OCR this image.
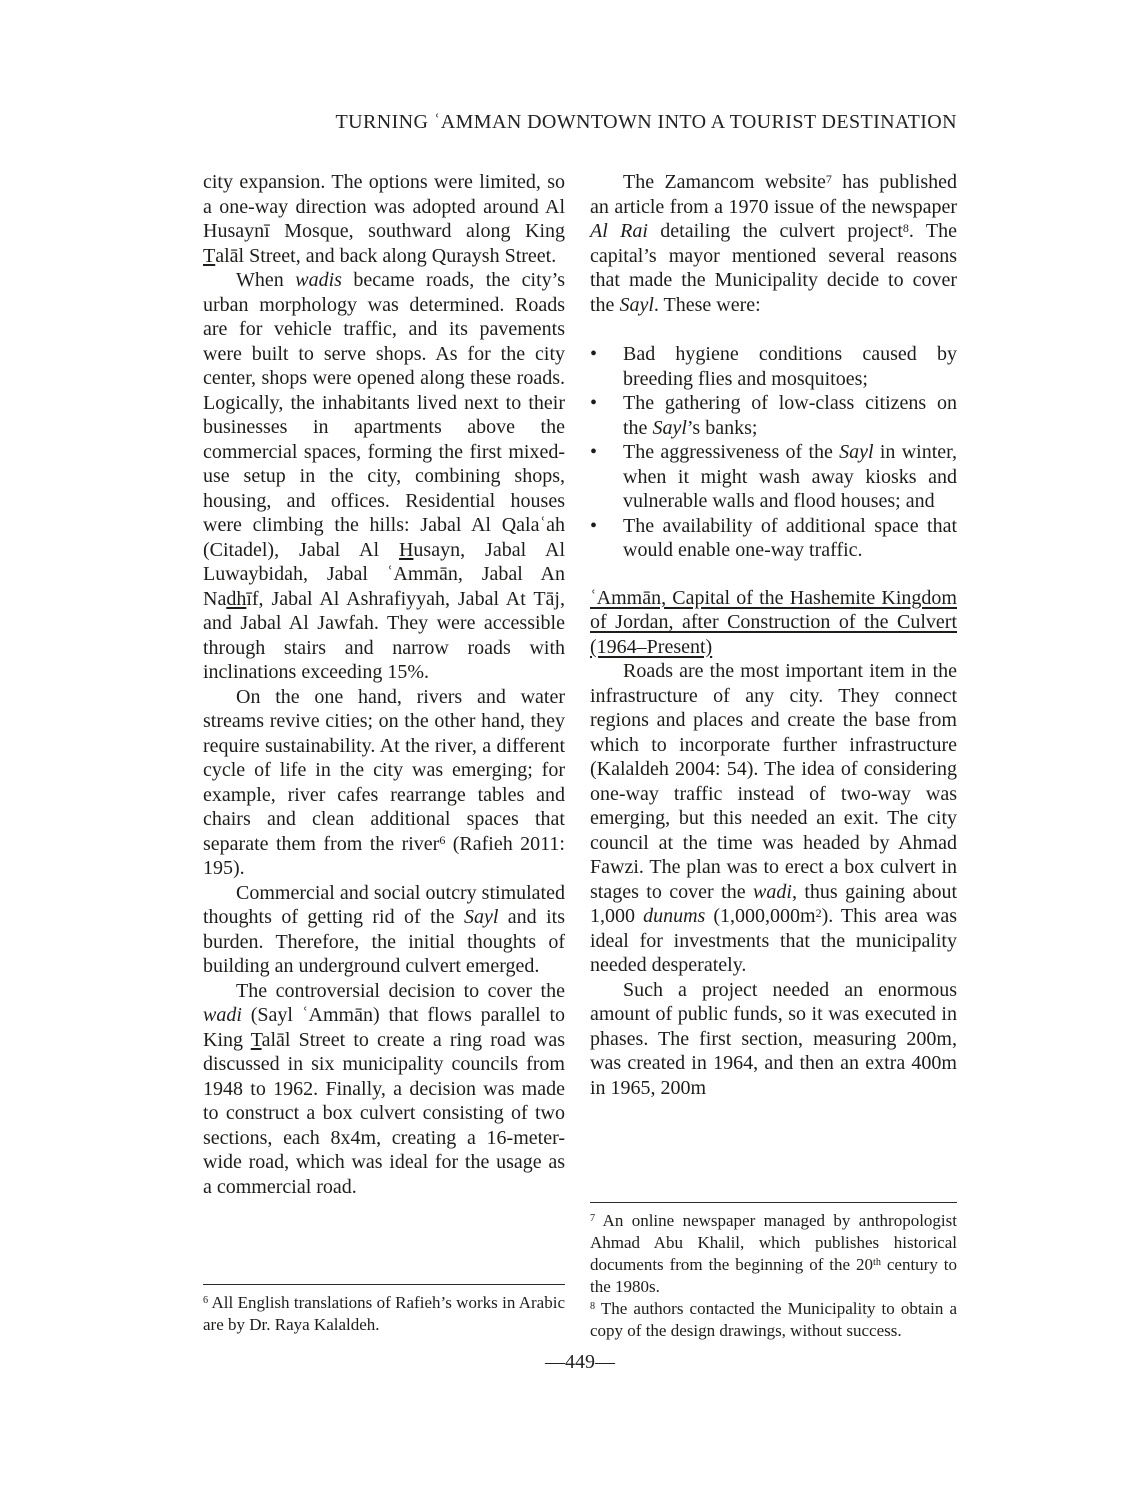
TURNING ʿAMMAN DOWNTOWN INTO A TOURIST DESTINATION

city expansion. The options were limited, so a one-way direction was adopted around Al Husaynī Mosque, southward along King Talāl Street, and back along Quraysh Street.

When wadis became roads, the city’s urban morphology was determined. Roads are for vehicle traffic, and its pavements were built to serve shops. As for the city center, shops were opened along these roads. Logically, the inhabitants lived next to their businesses in apartments above the commercial spaces, forming the first mixed-use setup in the city, combining shops, housing, and offices. Residential houses were climbing the hills: Jabal Al Qalaʿah (Citadel), Jabal Al Husayn, Jabal Al Luwaybidah, Jabal ʿAmmān, Jabal An Nadhīf, Jabal Al Ashrafiyyah, Jabal At Tāj, and Jabal Al Jawfah. They were accessible through stairs and narrow roads with inclinations exceeding 15%.

On the one hand, rivers and water streams revive cities; on the other hand, they require sustainability. At the river, a different cycle of life in the city was emerging; for example, river cafes rearrange tables and chairs and clean additional spaces that separate them from the river$^6$ (Rafieh 2011: 195).

Commercial and social outcry stimulated thoughts of getting rid of the Sayl and its burden. Therefore, the initial thoughts of building an underground culvert emerged.

The controversial decision to cover the wadi (Sayl ʿAmmān) that flows parallel to King Talāl Street to create a ring road was discussed in six municipality councils from 1948 to 1962. Finally, a decision was made to construct a box culvert consisting of two sections, each 8x4m, creating a 16-meter-wide road, which was ideal for the usage as a commercial road.

The Zamancom website$^7$ has published an article from a 1970 issue of the newspaper Al Rai detailing the culvert project$^8$. The capital’s mayor mentioned several reasons that made the Municipality decide to cover the Sayl. These were:

•	Bad hygiene conditions caused by breeding flies and mosquitoes;
•	The gathering of low-class citizens on the Sayl’s banks;
•	The aggressiveness of the Sayl in winter, when it might wash away kiosks and vulnerable walls and flood houses; and
•	The availability of additional space that would enable one-way traffic.

ʿAmmān, Capital of the Hashemite Kingdom of Jordan, after Construction of the Culvert (1964–Present)

Roads are the most important item in the infrastructure of any city. They connect regions and places and create the base from which to incorporate further infrastructure (Kalaldeh 2004: 54). The idea of considering one-way traffic instead of two-way was emerging, but this needed an exit. The city council at the time was headed by Ahmad Fawzi. The plan was to erect a box culvert in stages to cover the wadi, thus gaining about 1,000 dunums $(1,000,000m^2)$. This area was ideal for investments that the municipality needed desperately.

Such a project needed an enormous amount of public funds, so it was executed in phases. The first section, measuring 200m, was created in 1964, and then an extra 400m in 1965, 200m

$^6$ All English translations of Rafieh’s works in Arabic are by Dr. Raya Kalaldeh.

$^7$ An online newspaper managed by anthropologist Ahmad Abu Khalil, which publishes historical documents from the beginning of the 20th century to the 1980s.

$^8$ The authors contacted the Municipality to obtain a copy of the design drawings, without success.

—449—
